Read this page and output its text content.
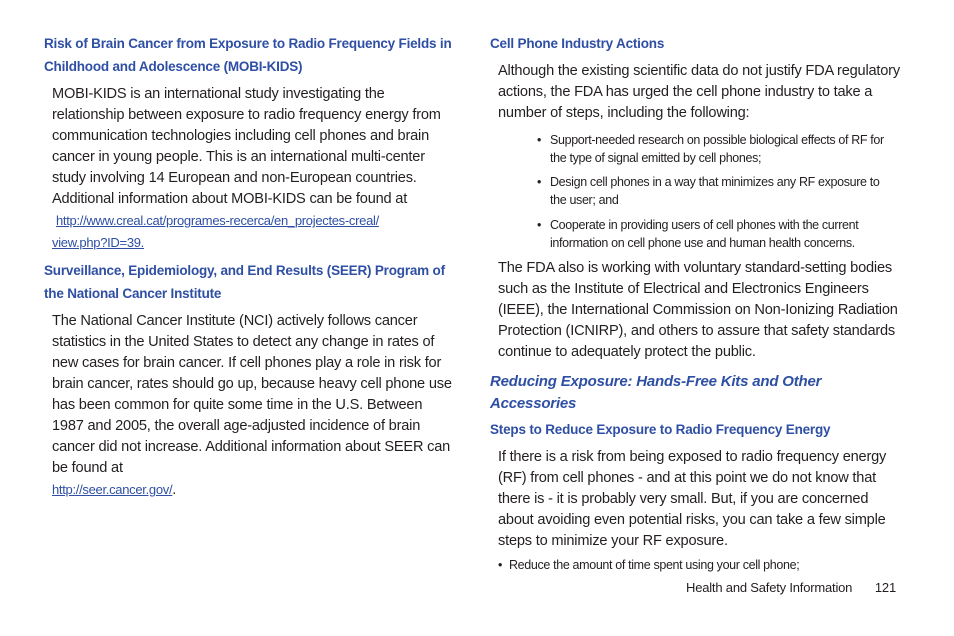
Risk of Brain Cancer from Exposure to Radio Frequency Fields in Childhood and Adolescence (MOBI-KIDS)

MOBI-KIDS is an international study investigating the relationship between exposure to radio frequency energy from communication technologies including cell phones and brain cancer in young people. This is an international multi-center study involving 14 European and non-European countries. Additional information about MOBI-KIDS can be found at
http://www.creal.cat/programes-recerca/en_projectes-creal/
view.php?ID=39.

Surveillance, Epidemiology, and End Results (SEER) Program of the National Cancer Institute

The National Cancer Institute (NCI) actively follows cancer statistics in the United States to detect any change in rates of new cases for brain cancer. If cell phones play a role in risk for brain cancer, rates should go up, because heavy cell phone use has been common for quite some time in the U.S. Between 1987 and 2005, the overall age-adjusted incidence of brain cancer did not increase. Additional information about SEER can be found at
http://seer.cancer.gov/.

Cell Phone Industry Actions

Although the existing scientific data do not justify FDA regulatory actions, the FDA has urged the cell phone industry to take a number of steps, including the following:

• Support-needed research on possible biological effects of RF for the type of signal emitted by cell phones;
• Design cell phones in a way that minimizes any RF exposure to the user; and
• Cooperate in providing users of cell phones with the current information on cell phone use and human health concerns.

The FDA also is working with voluntary standard-setting bodies such as the Institute of Electrical and Electronics Engineers (IEEE), the International Commission on Non-Ionizing Radiation Protection (ICNIRP), and others to assure that safety standards continue to adequately protect the public.

Reducing Exposure: Hands-Free Kits and Other Accessories
Steps to Reduce Exposure to Radio Frequency Energy

If there is a risk from being exposed to radio frequency energy (RF) from cell phones - and at this point we do not know that there is - it is probably very small. But, if you are concerned about avoiding even potential risks, you can take a few simple steps to minimize your RF exposure.

• Reduce the amount of time spent using your cell phone;
Health and Safety Information 121
